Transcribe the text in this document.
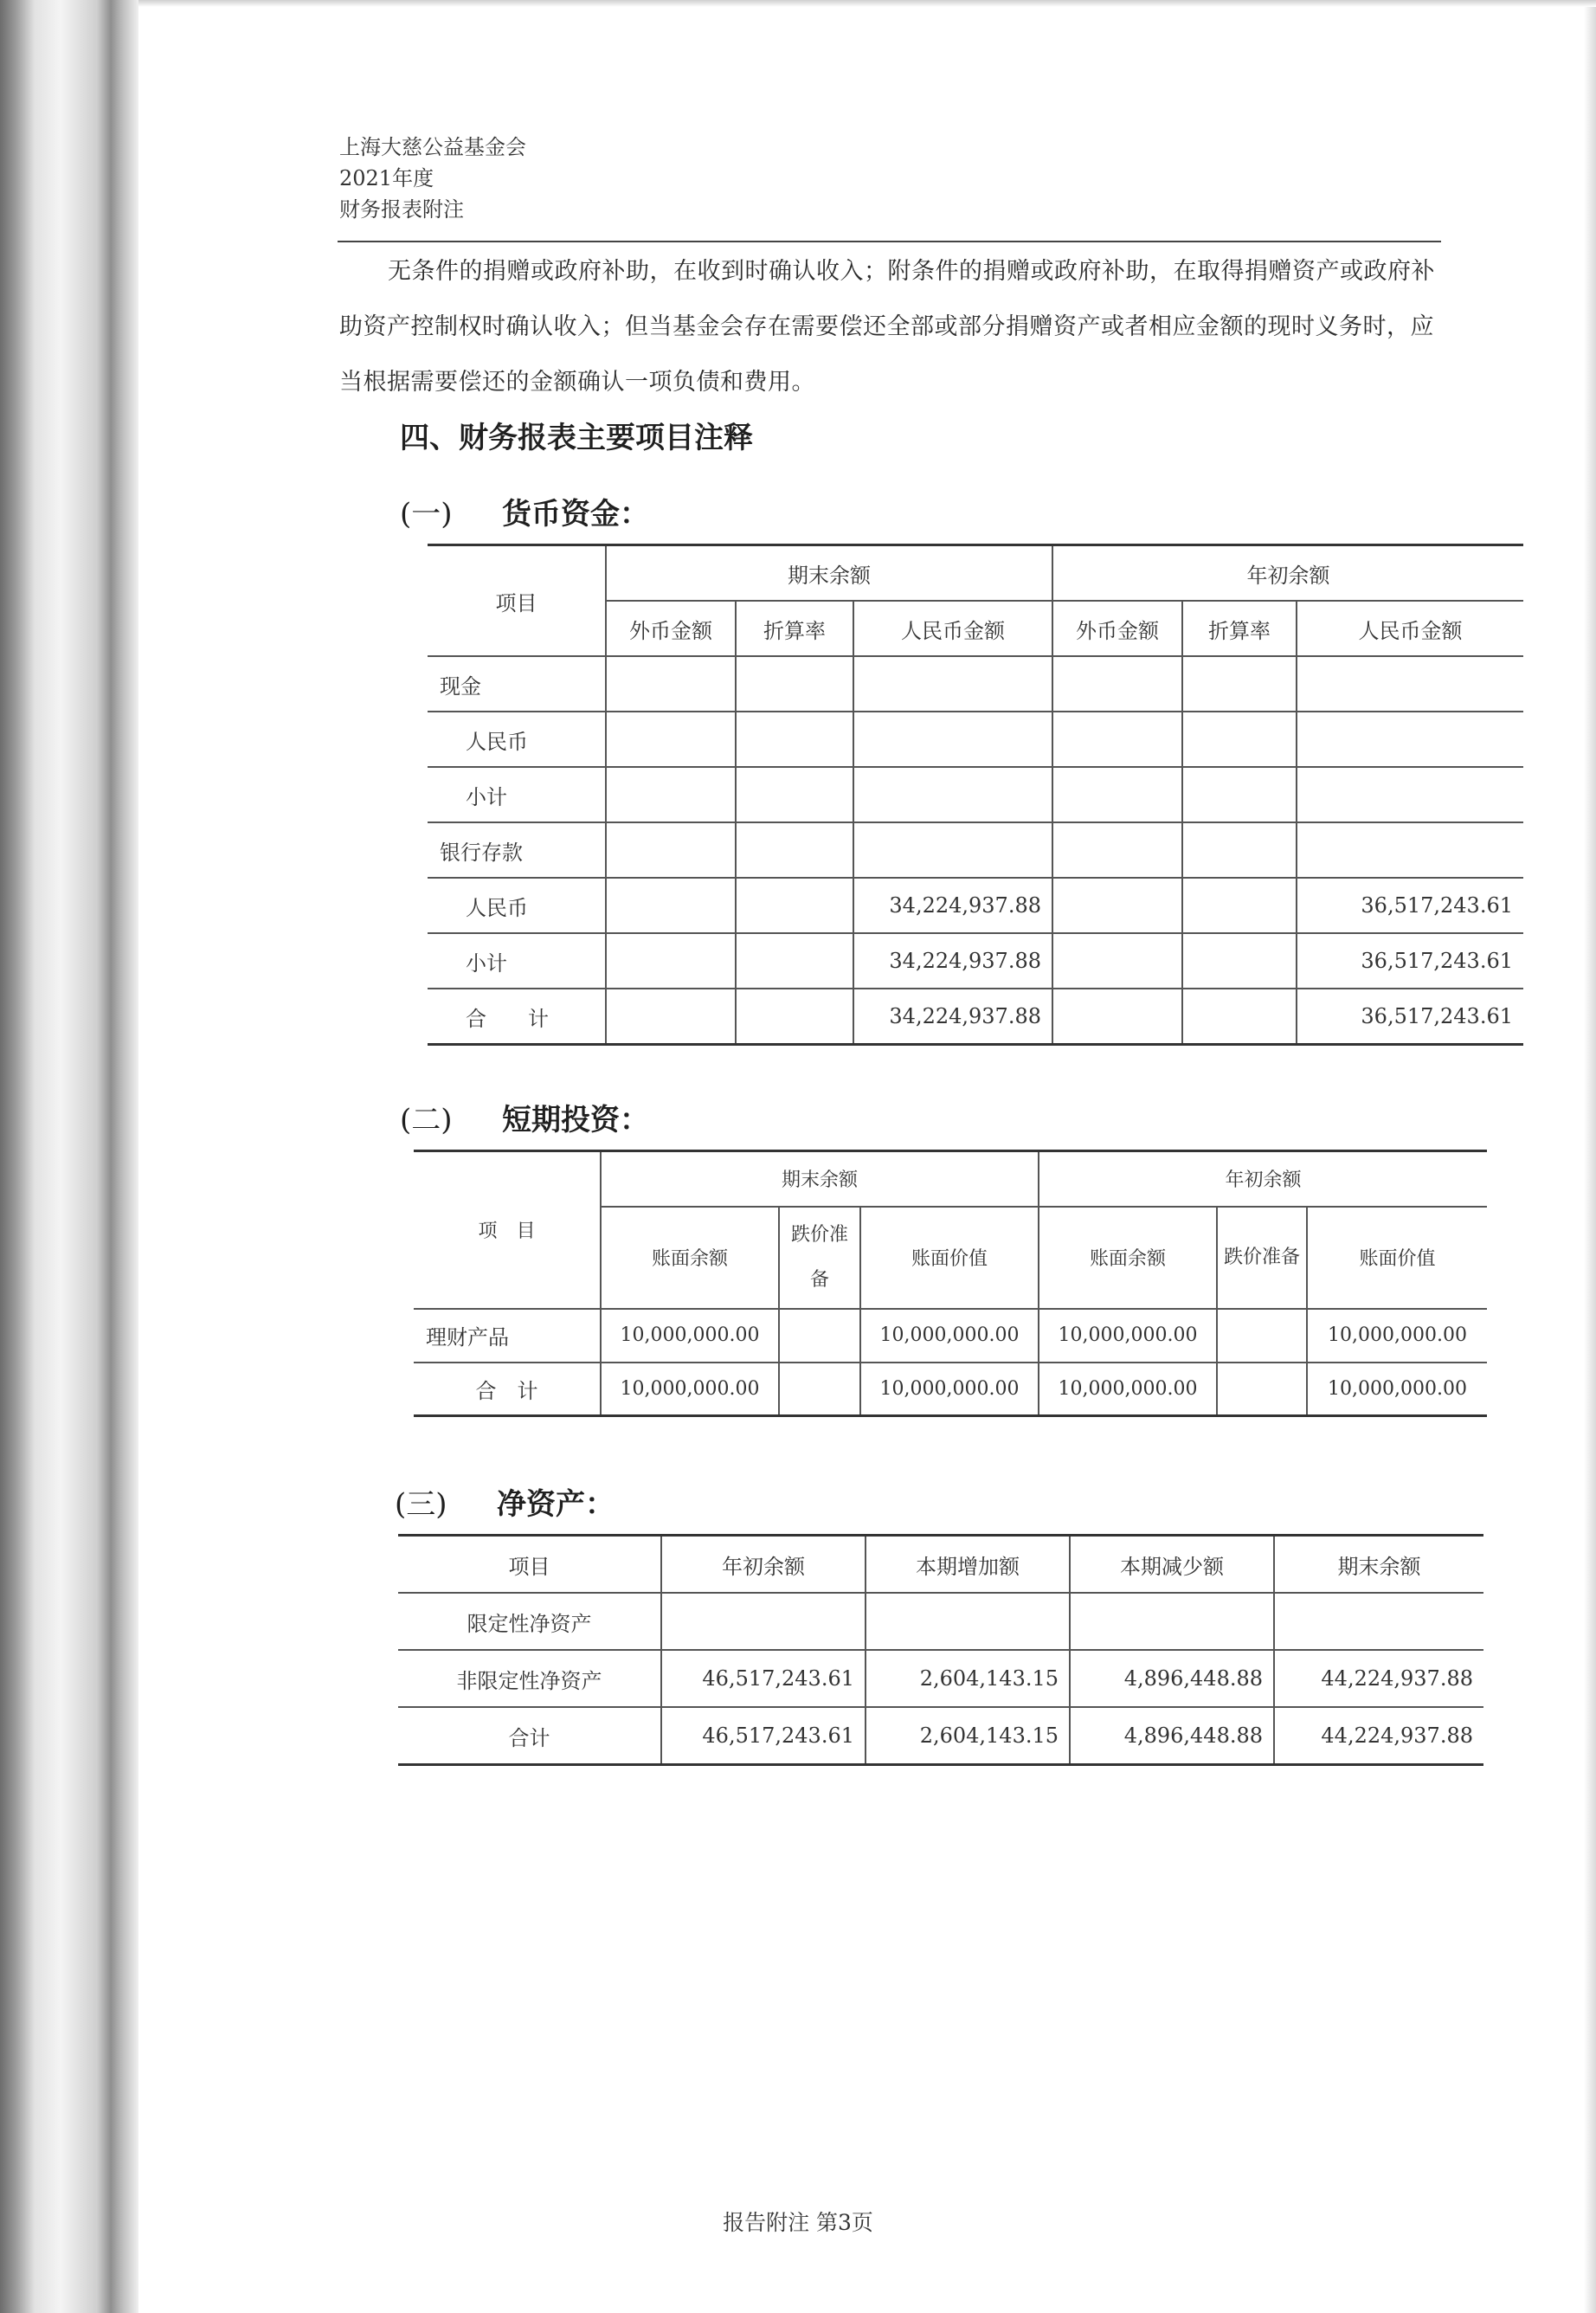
上海大慈公益基金会
2021年度
财务报表附注

无条件的捐赠或政府补助，在收到时确认收入；附条件的捐赠或政府补助，在取得捐赠资产或政府补助资产控制权时确认收入；但当基金会存在需要偿还全部或部分捐赠资产或者相应金额的现时义务时，应当根据需要偿还的金额确认一项负债和费用。

四、财务报表主要项目注释
(一) 货币资金：
项目	期末余额			年初余额		
	外币金额	折算率	人民币金额	外币金额	折算率	人民币金额
现金						
人民币						
小计						
银行存款						
人民币			34,224,937.88			36,517,243.61
小计			34,224,937.88			36,517,243.61
合　　计			34,224,937.88			36,517,243.61
(二) 短期投资：
项　目	期末余额			年初余额		
	账面余额	跌价准备	账面价值	账面余额	跌价准备	账面价值
理财产品	10,000,000.00		10,000,000.00	10,000,000.00		10,000,000.00
合　计	10,000,000.00		10,000,000.00	10,000,000.00		10,000,000.00
(三) 净资产：
项目	年初余额	本期增加额	本期减少额	期末余额
限定性净资产				
非限定性净资产	46,517,243.61	2,604,143.15	4,896,448.88	44,224,937.88
合计	46,517,243.61	2,604,143.15	4,896,448.88	44,224,937.88
报告附注 第3页
